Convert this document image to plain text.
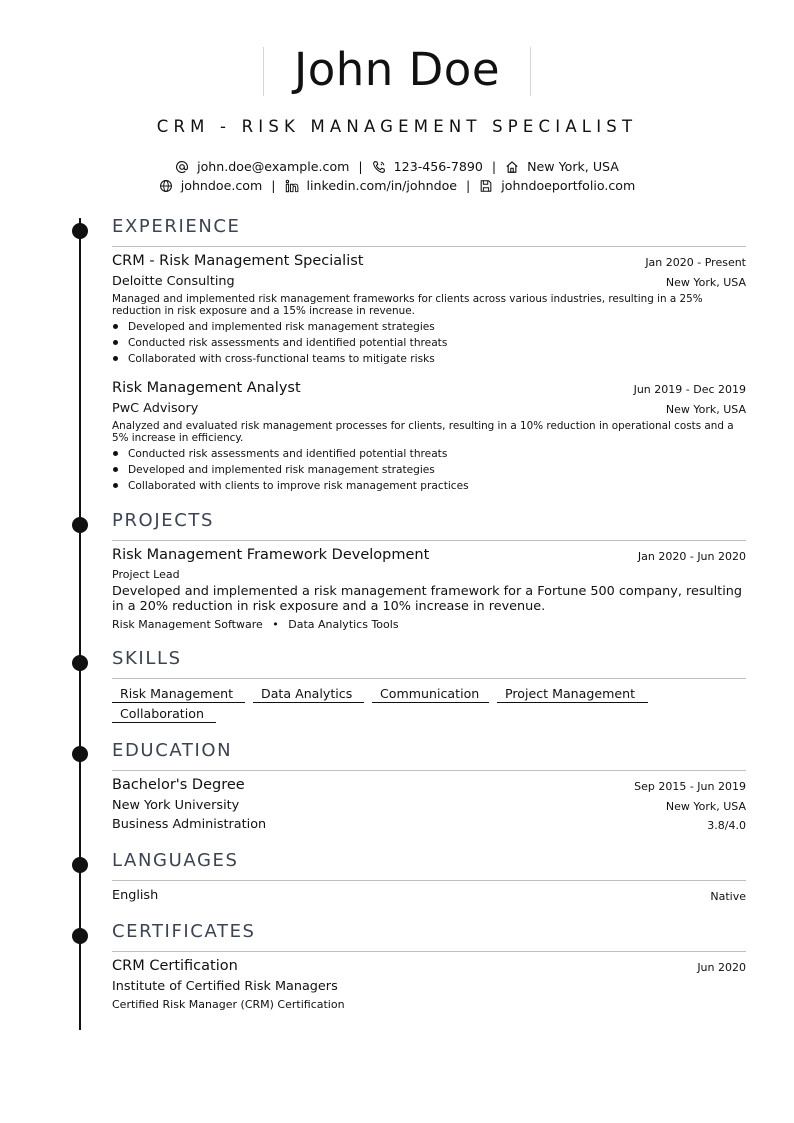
John Doe
CRM - RISK MANAGEMENT SPECIALIST
john.doe@example.com | 123-456-7890 | New York, USA
johndoe.com | linkedin.com/in/johndoe | johndoeportfolio.com
EXPERIENCE
CRM - Risk Management Specialist	Jan 2020 - Present
Deloitte Consulting	New York, USA
Managed and implemented risk management frameworks for clients across various industries, resulting in a 25% reduction in risk exposure and a 15% increase in revenue.
Developed and implemented risk management strategies
Conducted risk assessments and identified potential threats
Collaborated with cross-functional teams to mitigate risks
Risk Management Analyst	Jun 2019 - Dec 2019
PwC Advisory	New York, USA
Analyzed and evaluated risk management processes for clients, resulting in a 10% reduction in operational costs and a 5% increase in efficiency.
Conducted risk assessments and identified potential threats
Developed and implemented risk management strategies
Collaborated with clients to improve risk management practices
PROJECTS
Risk Management Framework Development	Jan 2020 - Jun 2020
Project Lead
Developed and implemented a risk management framework for a Fortune 500 company, resulting in a 20% reduction in risk exposure and a 10% increase in revenue.
Risk Management Software • Data Analytics Tools
SKILLS
Risk Management	Data Analytics	Communication	Project Management
Collaboration
EDUCATION
Bachelor's Degree	Sep 2015 - Jun 2019
New York University	New York, USA
Business Administration	3.8/4.0
LANGUAGES
English	Native
CERTIFICATES
CRM Certification	Jun 2020
Institute of Certified Risk Managers
Certified Risk Manager (CRM) Certification
